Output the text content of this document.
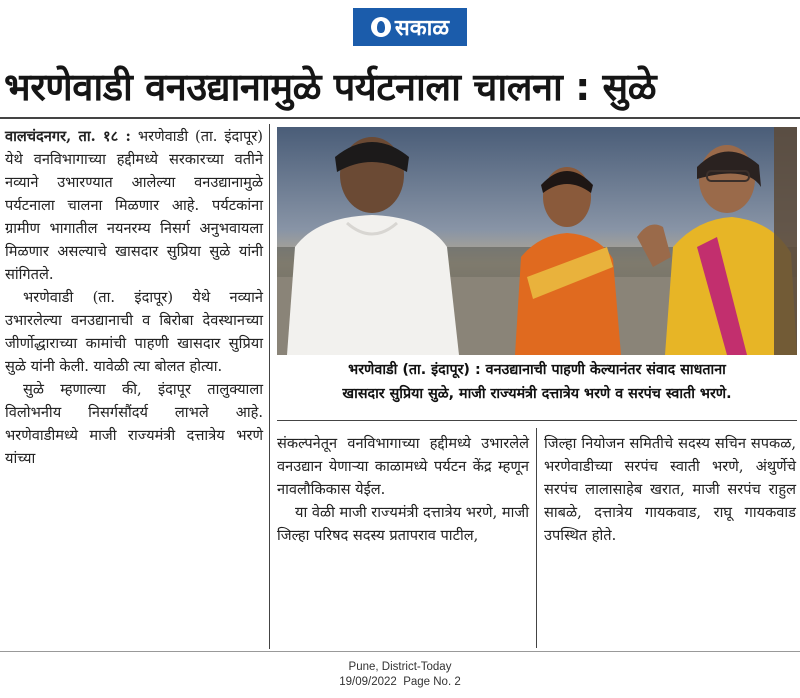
सकाळ
भरणेवाडी वनउद्यानामुळे पर्यटनाला चालना : सुळे

वालचंदनगर, ता. १८ : भरणेवाडी (ता. इंदापूर) येथे वनविभागाच्या हद्दीमध्ये सरकारच्या वतीने नव्याने उभारण्यात आलेल्या वनउद्यानामुळे पर्यटनाला चालना मिळणार आहे. पर्यटकांना ग्रामीण भागातील नयनरम्य निसर्ग अनुभवायला मिळणार असल्याचे खासदार सुप्रिया सुळे यांनी सांगितले.

भरणेवाडी (ता. इंदापूर) येथे नव्याने उभारलेल्या वनउद्यानाची व बिरोबा देवस्थानच्या जीर्णोद्धाराच्या कामांची पाहणी खासदार सुप्रिया सुळे यांनी केली. यावेळी त्या बोलत होत्या.

सुळे म्हणाल्या की, इंदापूर तालुक्याला विलोभनीय निसर्गसौंदर्य लाभले आहे. भरणेवाडीमध्ये माजी राज्यमंत्री दत्तात्रेय भरणे यांच्या

भरणेवाडी (ता. इंदापूर) : वनउद्यानाची पाहणी केल्यानंतर संवाद साधताना
खासदार सुप्रिया सुळे, माजी राज्यमंत्री दत्तात्रेय भरणे व सरपंच स्वाती भरणे.

संकल्पनेतून वनविभागाच्या हद्दीमध्ये उभारलेले वनउद्यान येणाऱ्या काळामध्ये पर्यटन केंद्र म्हणून नावलौकिकास येईल.

या वेळी माजी राज्यमंत्री दत्तात्रेय भरणे, माजी जिल्हा परिषद सदस्य प्रतापराव पाटील,

जिल्हा नियोजन समितीचे सदस्य सचिन सपकळ, भरणेवाडीच्या सरपंच स्वाती भरणे, अंथुर्णेचे सरपंच लालासाहेब खरात, माजी सरपंच राहुल साबळे, दत्तात्रेय गायकवाड, राघू गायकवाड उपस्थित होते.

Pune, District-Today
19/09/2022  Page No. 2
